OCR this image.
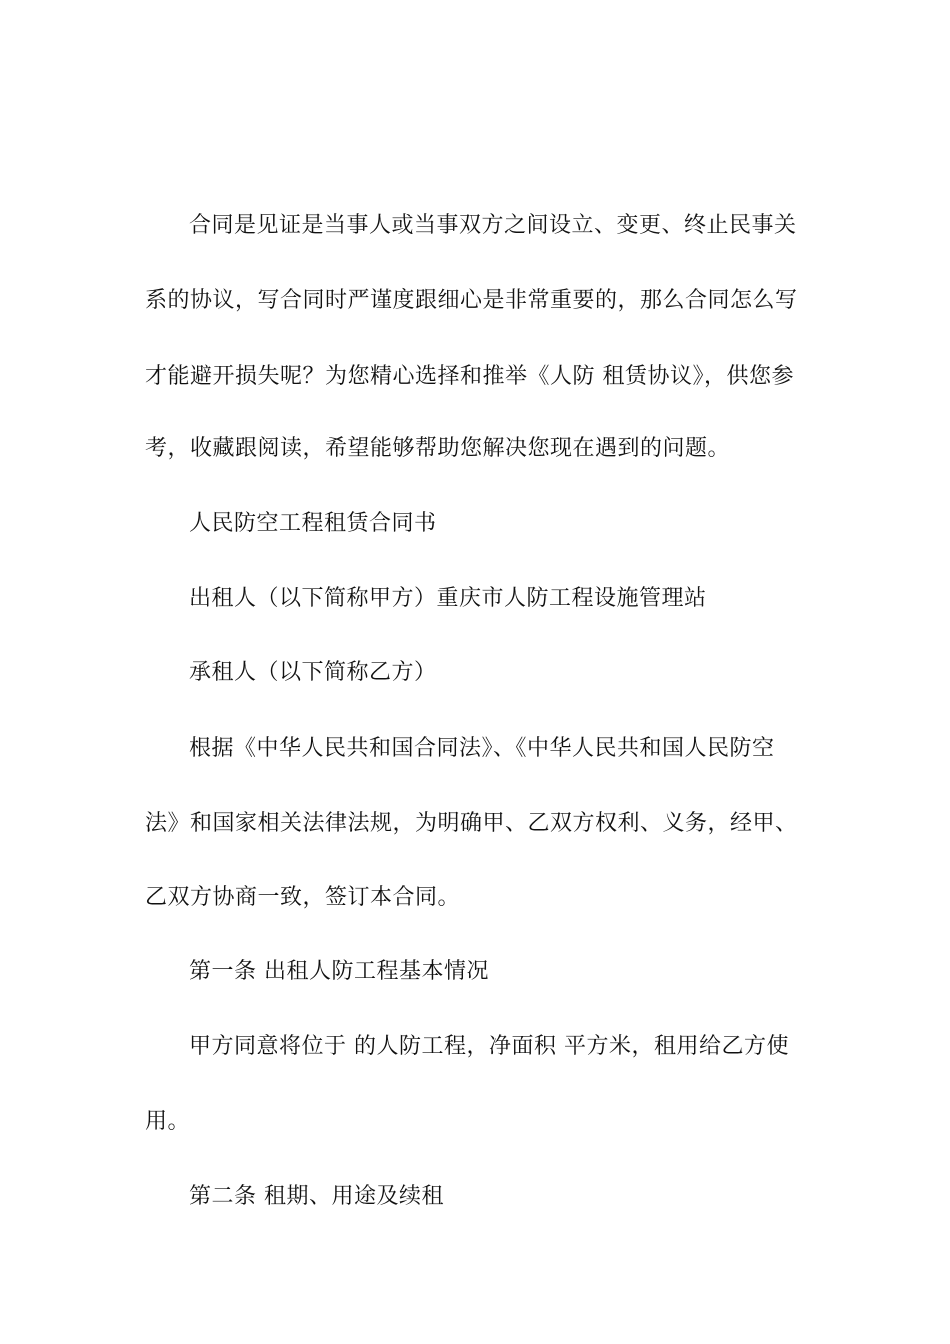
合同是见证是当事人或当事双方之间设立、变更、终止民事关
系的协议，写合同时严谨度跟细心是非常重要的，那么合同怎么写
才能避开损失呢？为您精心选择和推举《人防 租赁协议》，供您参
考，收藏跟阅读，希望能够帮助您解决您现在遇到的问题。
人民防空工程租赁合同书
出租人（以下简称甲方）重庆市人防工程设施管理站
承租人（以下简称乙方）
根据《中华人民共和国合同法》、《中华人民共和国人民防空
法》和国家相关法律法规，为明确甲、乙双方权利、义务，经甲、
乙双方协商一致，签订本合同。
第一条 出租人防工程基本情况
甲方同意将位于 的人防工程，净面积 平方米，租用给乙方使
用。
第二条 租期、用途及续租
